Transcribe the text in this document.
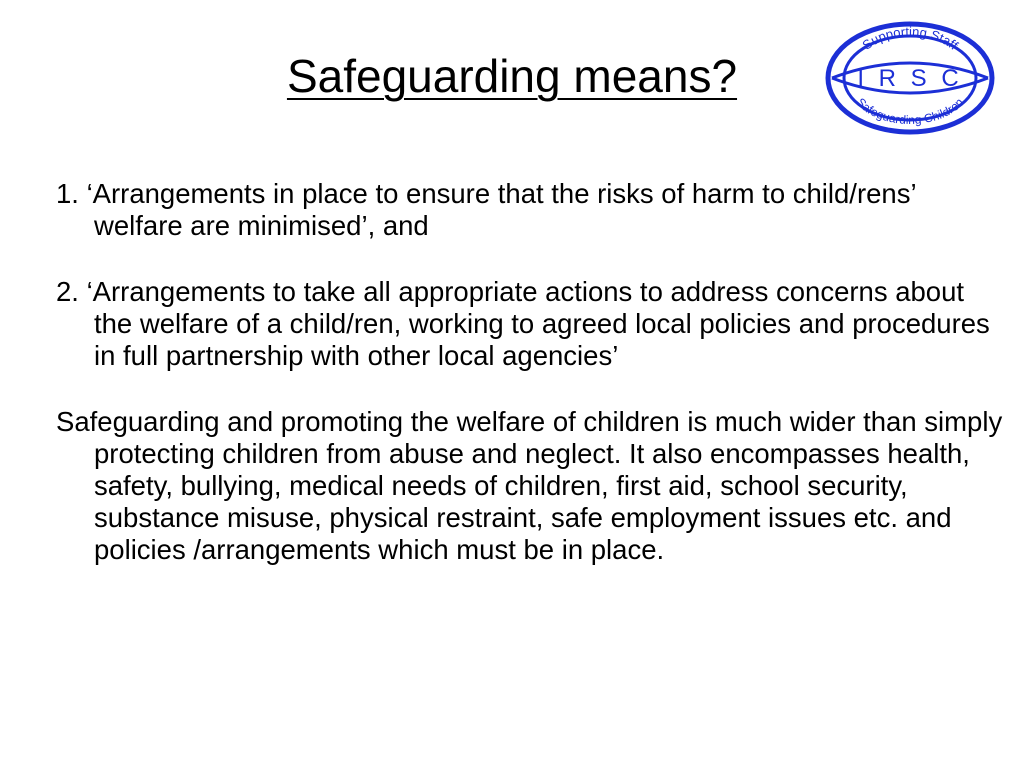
Safeguarding means?
Supporting Staff
I R S C
Safeguarding Children

1. ‘Arrangements in place to ensure that the risks of harm to child/rens’ welfare are minimised’, and

2. ‘Arrangements to take all appropriate actions to address concerns about the welfare of a child/ren, working to agreed local policies and procedures in full partnership with other local agencies’

Safeguarding and promoting the welfare of children is much wider than simply protecting children from abuse and neglect. It also encompasses health, safety, bullying, medical needs of children, first aid, school security, substance misuse, physical restraint, safe employment issues etc. and policies /arrangements which must be in place.
